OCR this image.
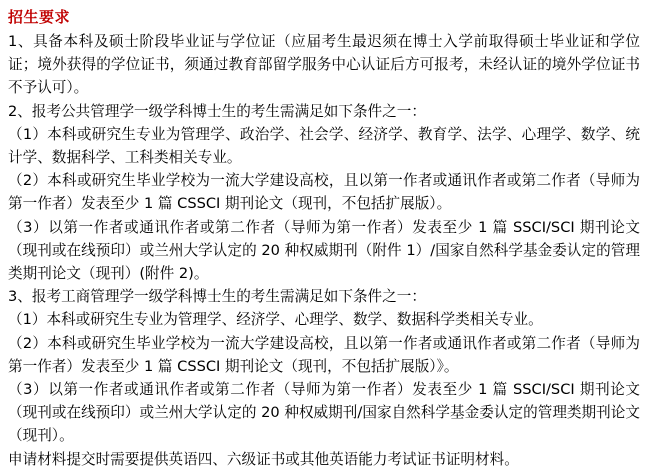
招生要求

1、具备本科及硕士阶段毕业证与学位证（应届考生最迟须在博士入学前取得硕士毕业证和学位证；境外获得的学位证书，须通过教育部留学服务中心认证后方可报考，未经认证的境外学位证书不予认可）。

2、报考公共管理学一级学科博士生的考生需满足如下条件之一：

（1）本科或研究生专业为管理学、政治学、社会学、经济学、教育学、法学、心理学、数学、统计学、数据科学、工科类相关专业。

（2）本科或研究生毕业学校为一流大学建设高校，且以第一作者或通讯作者或第二作者（导师为第一作者）发表至少 1 篇 CSSCI 期刊论文（现刊，不包括扩展版）。

（3）以第一作者或通讯作者或第二作者（导师为第一作者）发表至少 1 篇 SSCI/SCI 期刊论文（现刊或在线预印）或兰州大学认定的 20 种权威期刊（附件 1）/国家自然科学基金委认定的管理类期刊论文（现刊）(附件 2)。

3、报考工商管理学一级学科博士生的考生需满足如下条件之一：

（1）本科或研究生专业为管理学、经济学、心理学、数学、数据科学类相关专业。

（2）本科或研究生毕业学校为一流大学建设高校，且以第一作者或通讯作者或第二作者（导师为第一作者）发表至少 1 篇 CSSCI 期刊论文（现刊，不包括扩展版）》。

（3）以第一作者或通讯作者或第二作者（导师为第一作者）发表至少 1 篇 SSCI/SCI 期刊论文（现刊或在线预印）或兰州大学认定的 20 种权威期刊/国家自然科学基金委认定的管理类期刊论文（现刊）。

申请材料提交时需要提供英语四、六级证书或其他英语能力考试证书证明材料。
